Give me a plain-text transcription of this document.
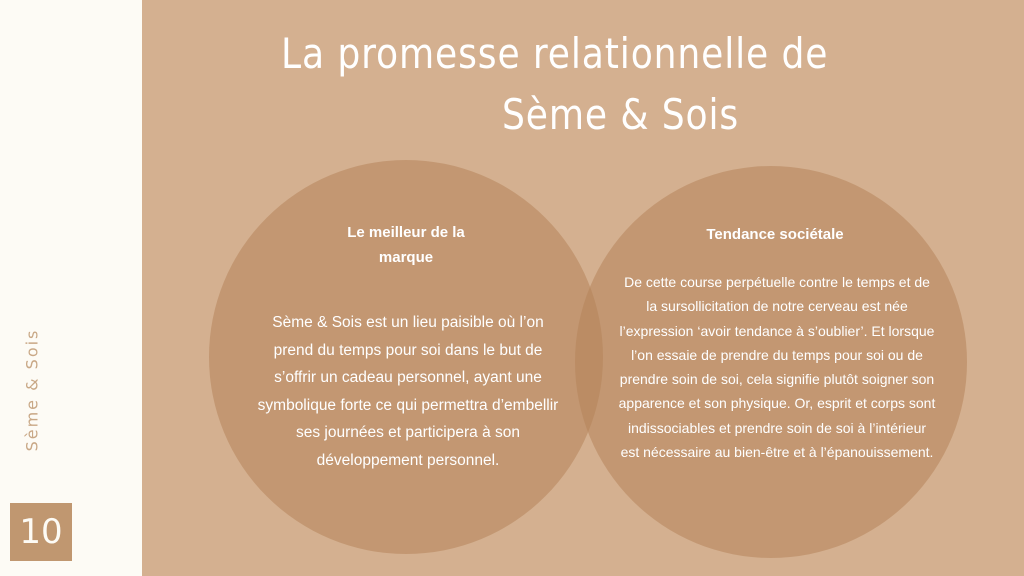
Sème & Sois
10
La promesse relationnelle de
Sème & Sois
Le meilleur de la marque
Sème & Sois est un lieu paisible où l’on prend du temps pour soi dans le but de s’offrir un cadeau personnel, ayant une symbolique forte ce qui permettra d’embellir ses journées et participera à son développement personnel.
Tendance sociétale
De cette course perpétuelle contre le temps et de la sursollicitation de notre cerveau est née l’expression ‘avoir tendance à s’oublier’. Et lorsque l’on essaie de prendre du temps pour soi ou de prendre soin de soi, cela signifie plutôt soigner son apparence et son physique. Or, esprit et corps sont indissociables et prendre soin de soi à l’intérieur est nécessaire au bien-être et à l’épanouissement.
